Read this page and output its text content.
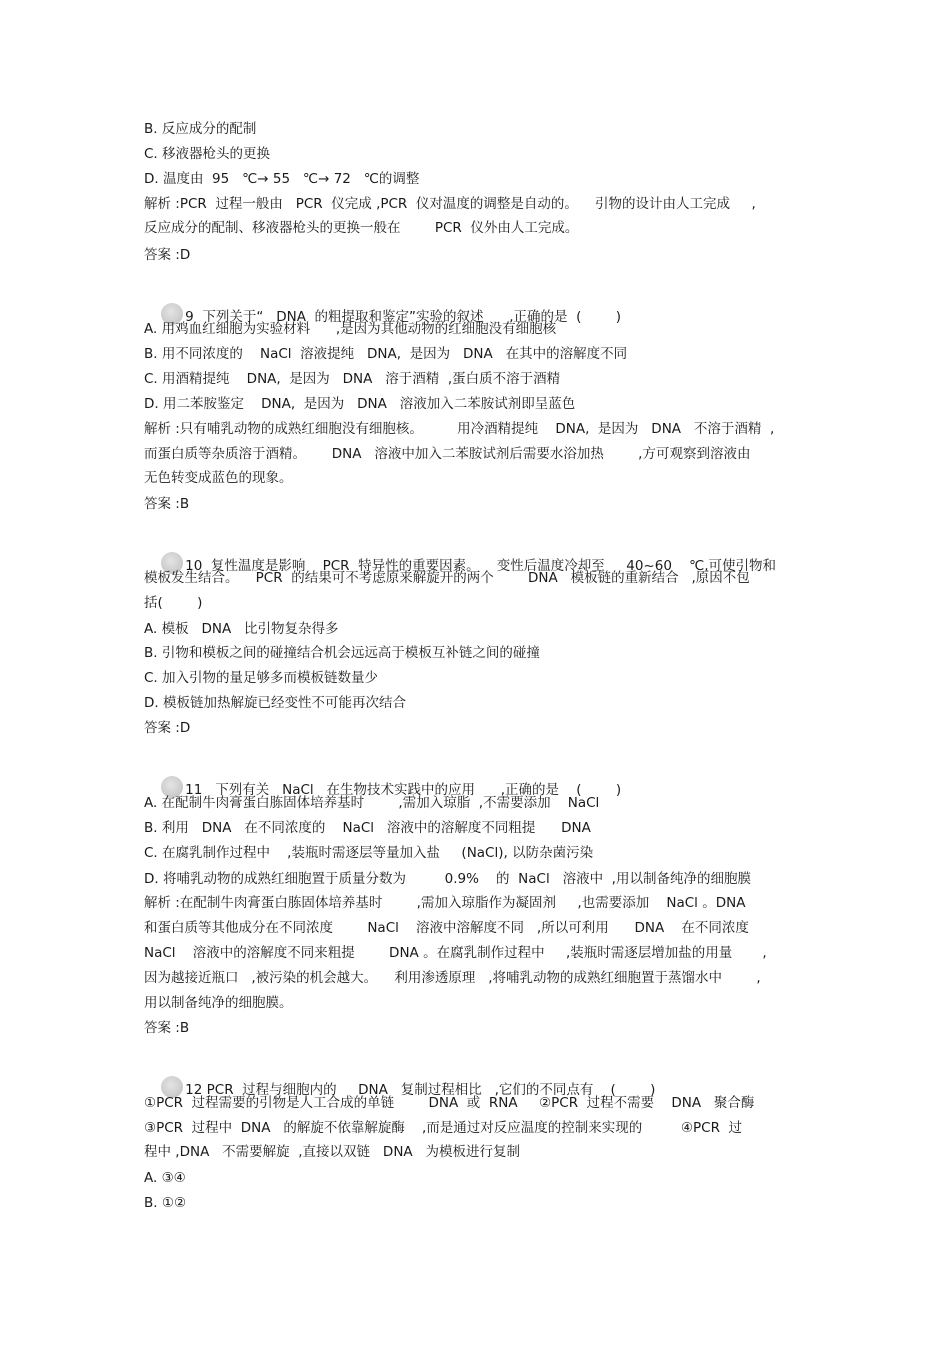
B. 反应成分的配制
C. 移液器枪头的更换
D. 温度由  95   ℃→ 55   ℃→ 72   ℃的调整
解析 :PCR  过程一般由   PCR  仪完成 ,PCR  仪对温度的调整是自动的。    引物的设计由人工完成     ,
反应成分的配制、移液器枪头的更换一般在        PCR  仪外由人工完成。
答案 :D

9  下列关于“   DNA  的粗提取和鉴定”实验的叙述      ,正确的是  (        )

A. 用鸡血红细胞为实验材料      ,是因为其他动物的红细胞没有细胞核
B. 用不同浓度的    NaCl  溶液提纯   DNA,  是因为   DNA   在其中的溶解度不同
C. 用酒精提纯    DNA,  是因为   DNA   溶于酒精  ,蛋白质不溶于酒精
D. 用二苯胺鉴定    DNA,  是因为   DNA   溶液加入二苯胺试剂即呈蓝色
解析 :只有哺乳动物的成熟红细胞没有细胞核。        用冷酒精提纯    DNA,  是因为   DNA   不溶于酒精  ,
而蛋白质等杂质溶于酒精。      DNA   溶液中加入二苯胺试剂后需要水浴加热        ,方可观察到溶液由
无色转变成蓝色的现象。
答案 :B

10  复性温度是影响    PCR  特异性的重要因素。    变性后温度冷却至     40~60    ℃,可使引物和

模板发生结合。    PCR  的结果可不考虑原来解旋开的两个        DNA   模板链的重新结合   ,原因不包
括(        )
A. 模板   DNA   比引物复杂得多
B. 引物和模板之间的碰撞结合机会远远高于模板互补链之间的碰撞
C. 加入引物的量足够多而模板链数量少
D. 模板链加热解旋已经变性不可能再次结合
答案 :D

11   下列有关   NaCl   在生物技术实践中的应用      ,正确的是    (        )

A. 在配制牛肉膏蛋白胨固体培养基时        ,需加入琼脂  ,不需要添加    NaCl
B. 利用   DNA   在不同浓度的    NaCl   溶液中的溶解度不同粗提      DNA
C. 在腐乳制作过程中    ,装瓶时需逐层等量加入盐     (NaCl), 以防杂菌污染
D. 将哺乳动物的成熟红细胞置于质量分数为         0.9%    的  NaCl   溶液中  ,用以制备纯净的细胞膜
解析 :在配制牛肉膏蛋白胨固体培养基时        ,需加入琼脂作为凝固剂     ,也需要添加    NaCl 。DNA
和蛋白质等其他成分在不同浓度        NaCl    溶液中溶解度不同   ,所以可利用      DNA    在不同浓度
NaCl    溶液中的溶解度不同来粗提        DNA 。在腐乳制作过程中     ,装瓶时需逐层增加盐的用量       ,
因为越接近瓶口   ,被污染的机会越大。    利用渗透原理   ,将哺乳动物的成熟红细胞置于蒸馏水中        ,
用以制备纯净的细胞膜。
答案 :B

12 PCR  过程与细胞内的     DNA   复制过程相比   ,它们的不同点有    (        )

①PCR  过程需要的引物是人工合成的单链        DNA  或  RNA     ②PCR  过程不需要    DNA   聚合酶
③PCR  过程中  DNA   的解旋不依靠解旋酶    ,而是通过对反应温度的控制来实现的         ④PCR  过
程中 ,DNA   不需要解旋  ,直接以双链   DNA   为模板进行复制
A. ③④
B. ①②
